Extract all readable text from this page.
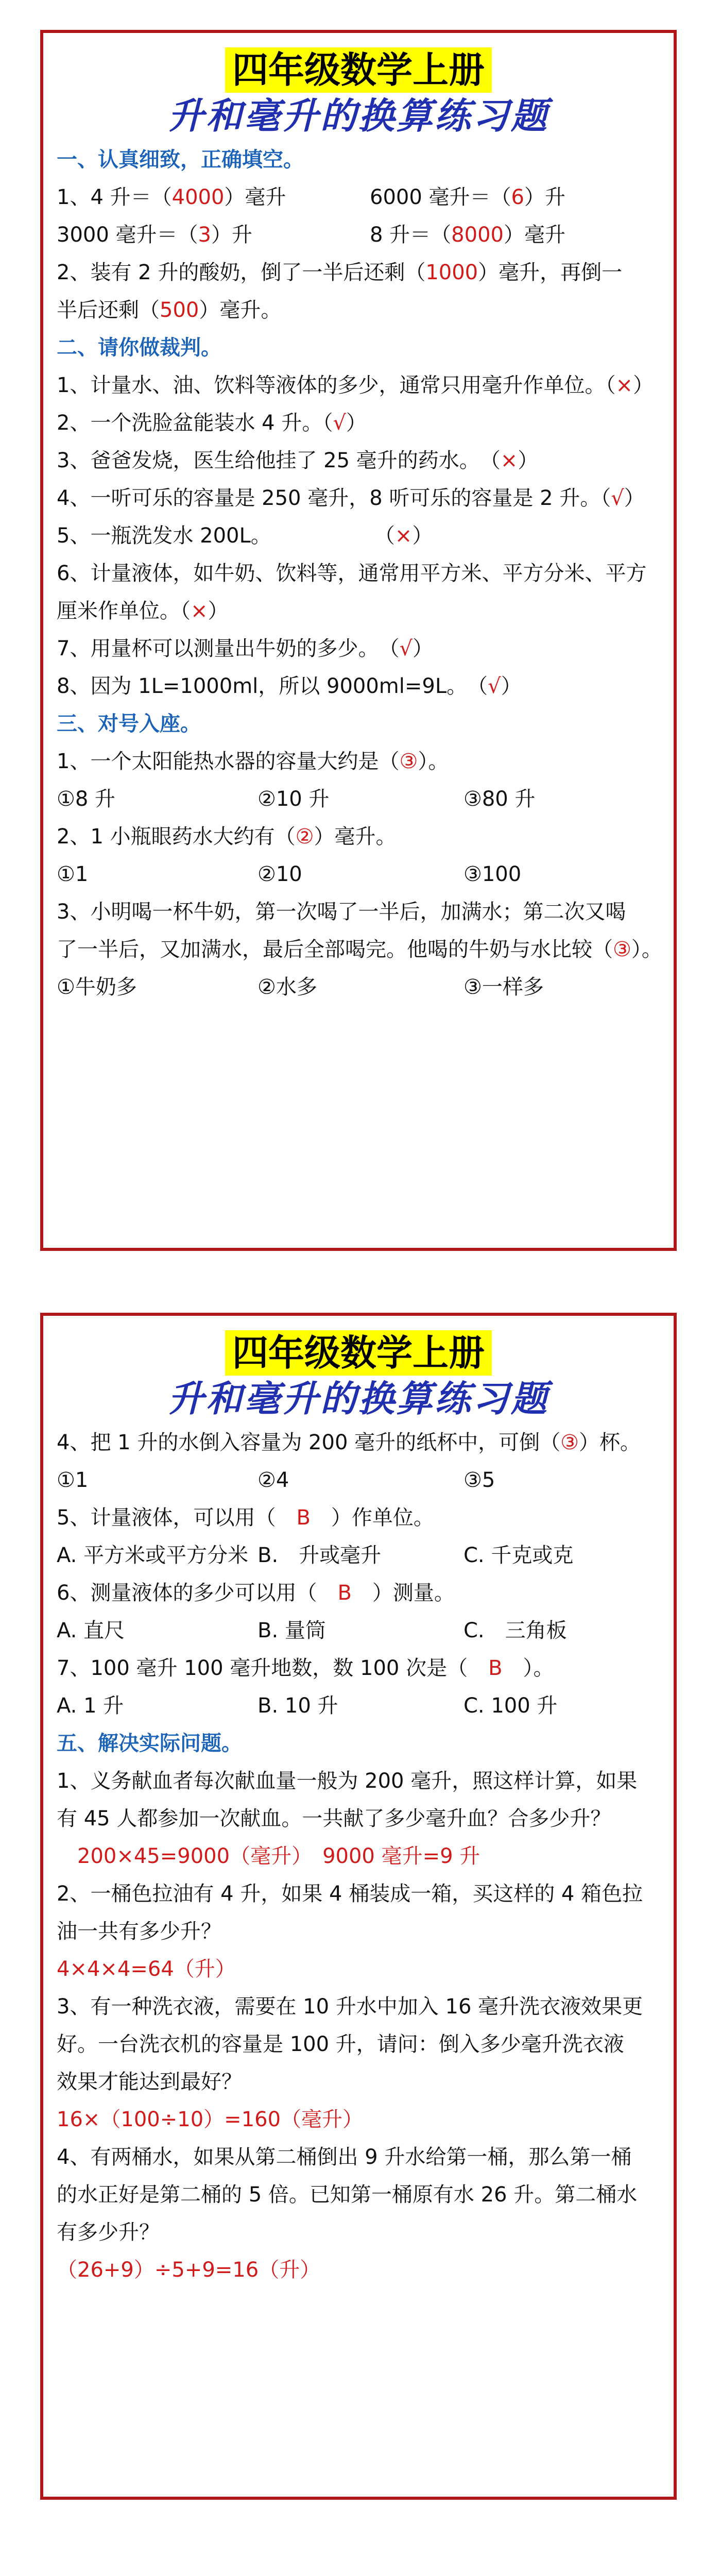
四年级数学上册
升和毫升的换算练习题
一、认真细致，正确填空。
1、4 升＝（4000）毫升	6000 毫升＝（6）升
3000 毫升＝（3）升	8 升＝（8000）毫升
2、装有 2 升的酸奶，倒了一半后还剩（1000）毫升，再倒一
半后还剩（500）毫升。
二、请你做裁判。
1、计量水、油、饮料等液体的多少，通常只用毫升作单位。（×）
2、一个洗脸盆能装水 4 升。（√）
3、爸爸发烧，医生给他挂了 25 毫升的药水。　（×）
4、一听可乐的容量是 250 毫升，8 听可乐的容量是 2 升。（√）
5、一瓶洗发水 200L。　　　　　　（×）
6、计量液体，如牛奶、饮料等，通常用平方米、平方分米、平方
厘米作单位。（×）
7、用量杯可以测量出牛奶的多少。　（√）
8、因为 1L=1000ml，所以 9000ml=9L。　（√）
三、对号入座。
1、一个太阳能热水器的容量大约是（③）。
①8 升	②10 升	③80 升
2、1 小瓶眼药水大约有（②）毫升。
①1	②10	③100
3、小明喝一杯牛奶，第一次喝了一半后，加满水；第二次又喝
了一半后，又加满水，最后全部喝完。他喝的牛奶与水比较（③）。
①牛奶多	②水多	③一样多
四年级数学上册
升和毫升的换算练习题
4、把 1 升的水倒入容量为 200 毫升的纸杯中，可倒（③）杯。
①1	②4	③5
5、计量液体，可以用（　B　）作单位。
A. 平方米或平方分米 B.　升或毫升	C. 千克或克
6、测量液体的多少可以用（　B　）测量。
A. 直尺	B. 量筒	C.　三角板
7、100 毫升 100 毫升地数，数 100 次是（　B　）。
A. 1 升	B. 10 升	C. 100 升
五、解决实际问题。
1、义务献血者每次献血量一般为 200 毫升，照这样计算，如果
有 45 人都参加一次献血。一共献了多少毫升血？合多少升？
　200×45=9000（毫升）　9000 毫升=9 升
2、一桶色拉油有 4 升，如果 4 桶装成一箱，买这样的 4 箱色拉
油一共有多少升？
4×4×4=64（升）
3、有一种洗衣液，需要在 10 升水中加入 16 毫升洗衣液效果更
好。一台洗衣机的容量是 100 升，请问：倒入多少毫升洗衣液
效果才能达到最好？
16×（100÷10）=160（毫升）
4、有两桶水，如果从第二桶倒出 9 升水给第一桶，那么第一桶
的水正好是第二桶的 5 倍。已知第一桶原有水 26 升。第二桶水
有多少升？
（26+9）÷5+9=16（升）
